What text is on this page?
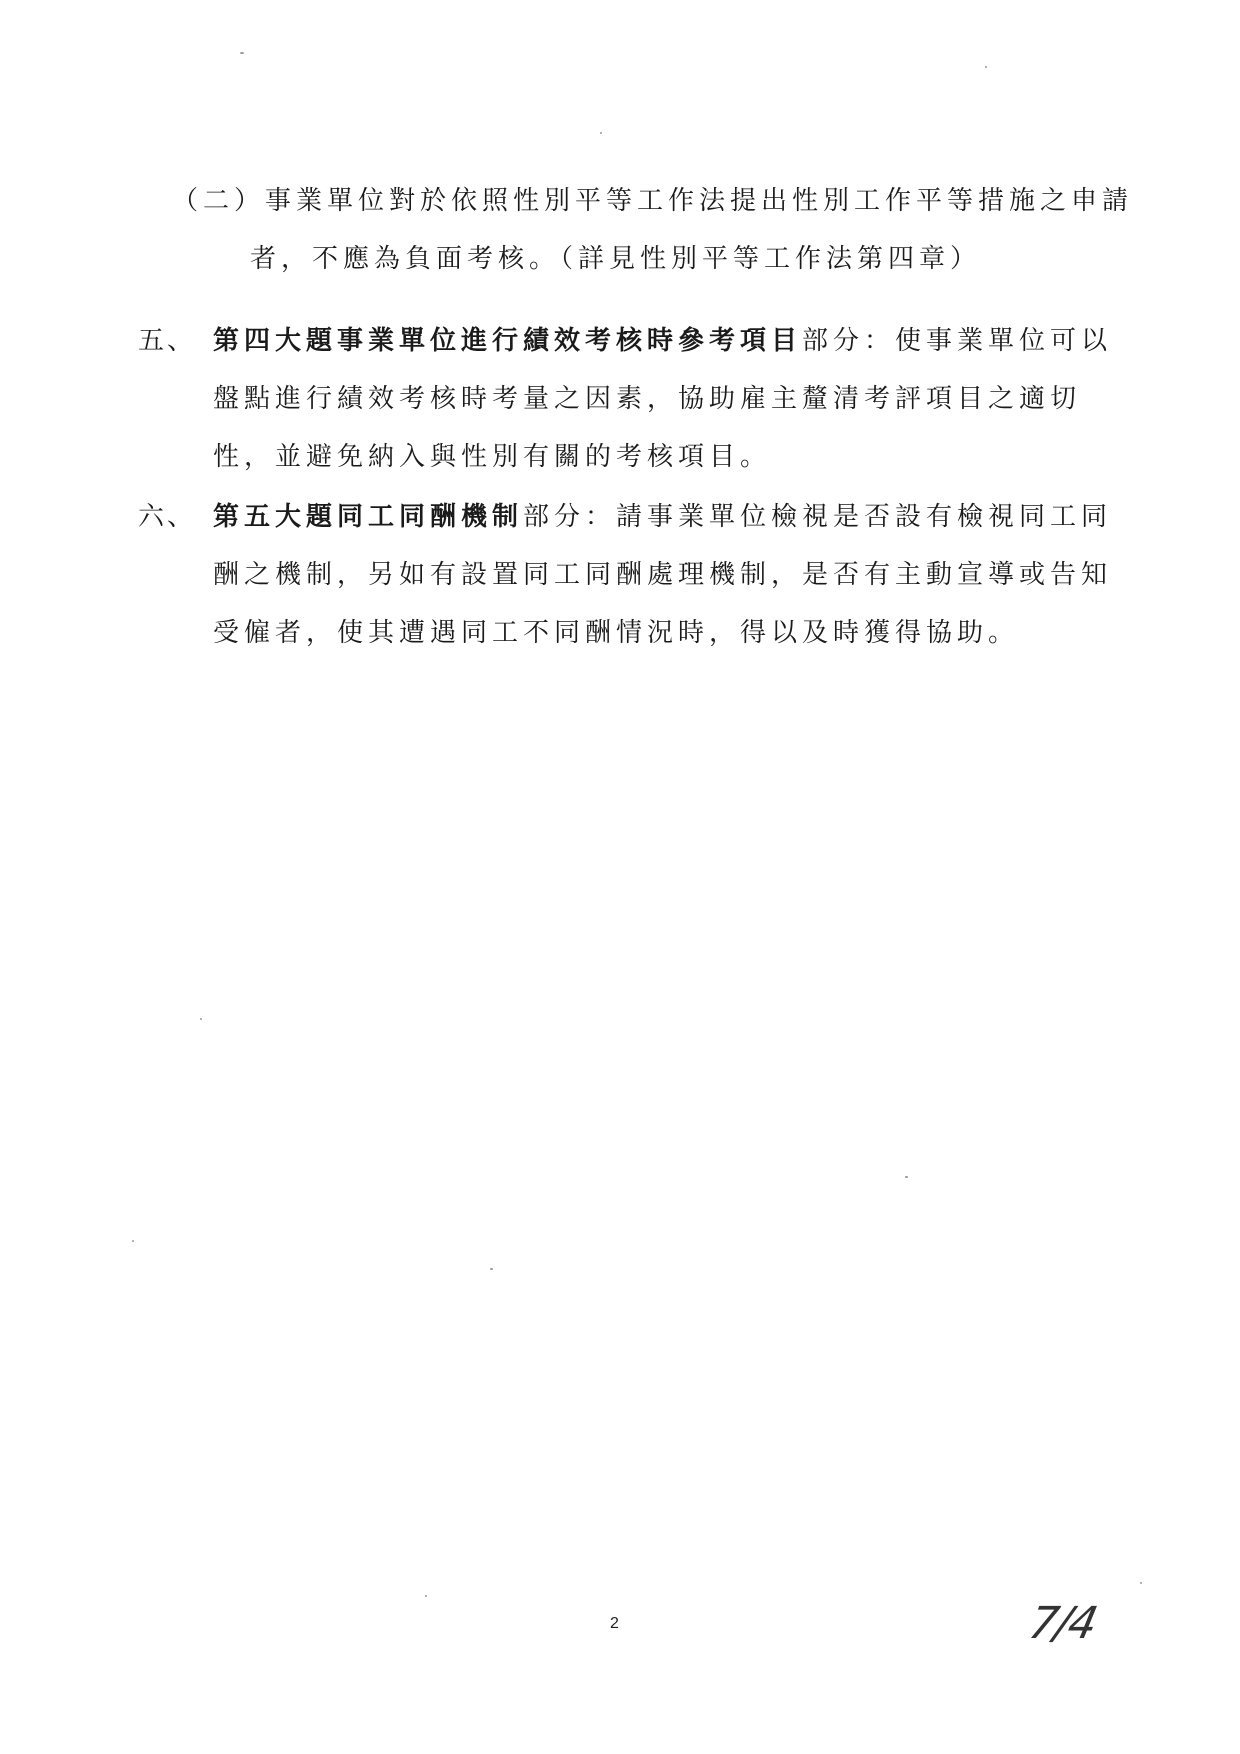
（二）事業單位對於依照性別平等工作法提出性別工作平等措施之申請
者，不應為負面考核。（詳見性別平等工作法第四章）
五、 第四大題事業單位進行績效考核時參考項目部分：使事業單位可以
盤點進行績效考核時考量之因素，協助雇主釐清考評項目之適切
性，並避免納入與性別有關的考核項目。
六、 第五大題同工同酬機制部分：請事業單位檢視是否設有檢視同工同
酬之機制，另如有設置同工同酬處理機制，是否有主動宣導或告知
受僱者，使其遭遇同工不同酬情況時，得以及時獲得協助。
2	7/4
